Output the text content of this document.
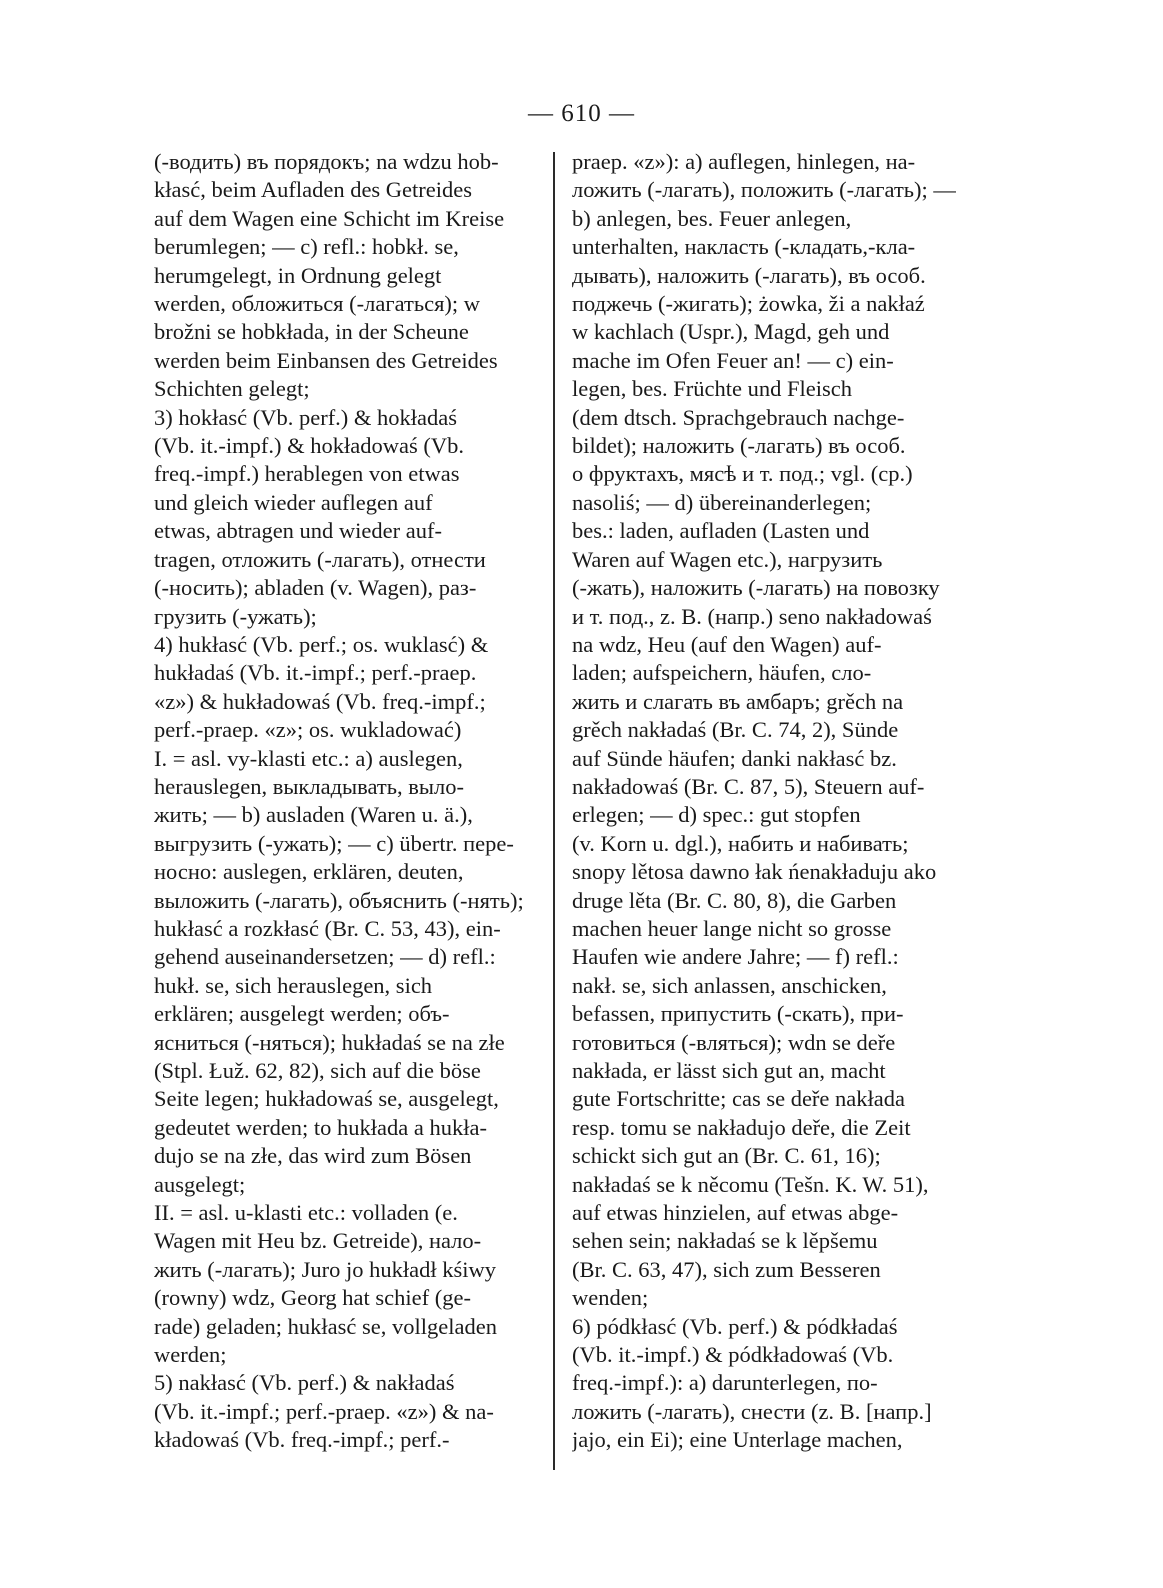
— 610 —
(-водить) въ порядокъ; na wdzu hob-
kłasć, beim Aufladen des Getreides
auf dem Wagen eine Schicht im Kreise
berumlegen; — c) refl.: hobkł. se,
herumgelegt, in Ordnung gelegt
werden, обложиться (-лагаться); w
brožni se hobkłada, in der Scheune
werden beim Einbansen des Getreides
Schichten gelegt;
3) hokłasć (Vb. perf.) & hokładaś
(Vb. it.-impf.) & hokładowaś (Vb.
freq.-impf.) herablegen von etwas
und gleich wieder auflegen auf
etwas, abtragen und wieder auf-
tragen, отложить (-лагать), отнести
(-носить); abladen (v. Wagen), раз-
грузить (-ужать);
4) hukłasć (Vb. perf.; os. wuklasć) &
hukładaś (Vb. it.-impf.; perf.-praep.
«z») & hukładowaś (Vb. freq.-impf.;
perf.-praep. «z»; os. wukladować)
I. = asl. vy-klasti etc.: a) auslegen,
herauslegen, выкладывать, выло-
жить; — b) ausladen (Waren u. ä.),
выгрузить (-ужать); — c) übertr. пере-
носно: auslegen, erklären, deuten,
выложить (-лагать), объяснить (-нять);
hukłasć a rozkłasć (Br. C. 53, 43), ein-
gehend auseinandersetzen; — d) refl.:
hukł. se, sich herauslegen, sich
erklären; ausgelegt werden; объ-
ясниться (-няться); hukładaś se na złe
(Stpl. Łuž. 62, 82), sich auf die böse
Seite legen; hukładowaś se, ausgelegt,
gedeutet werden; to hukłada a hukła-
dujo se na złe, das wird zum Bösen
ausgelegt;
II. = asl. u-klasti etc.: volladen (e.
Wagen mit Heu bz. Getreide), нало-
жить (-лагать); Juro jo hukładł kśiwy
(rowny) wdz, Georg hat schief (ge-
rade) geladen; hukłasć se, vollgeladen
werden;
5) nakłasć (Vb. perf.) & nakładaś
(Vb. it.-impf.; perf.-praep. «z») & na-
kładowaś (Vb. freq.-impf.; perf.-
praep. «z»): a) auflegen, hinlegen, на-
ложить (-лагать), положить (-лагать); —
b) anlegen, bes. Feuer anlegen,
unterhalten, накласть (-кладать,-кла-
дывать), наложить (-лагать), въ особ.
поджечь (-жигать); żowka, ži a nakłaź
w kachlach (Uspr.), Magd, geh und
mache im Ofen Feuer an! — c) ein-
legen, bes. Früchte und Fleisch
(dem dtsch. Sprachgebrauch nachge-
bildet); наложить (-лагать) въ особ.
о фруктахъ, мясѣ и т. под.; vgl. (cp.)
nasoliś; — d) übereinanderlegen;
bes.: laden, aufladen (Lasten und
Waren auf Wagen etc.), нагрузить
(-жать), наложить (-лагать) на повозку
и т. под., z. B. (напр.) seno nakładowaś
na wdz, Heu (auf den Wagen) auf-
laden; aufspeichern, häufen, сло-
жить и слагать въ амбаръ; grěch na
grěch nakładaś (Br. C. 74, 2), Sünde
auf Sünde häufen; danki nakłasć bz.
nakładowaś (Br. C. 87, 5), Steuern auf-
erlegen; — d) spec.: gut stopfen
(v. Korn u. dgl.), набить и набивать;
snopy lětosa dawno łak ńenakładuju ako
druge lěta (Br. C. 80, 8), die Garben
machen heuer lange nicht so grosse
Haufen wie andere Jahre; — f) refl.:
nakł. se, sich anlassen, anschicken,
befassen, припустить (-скать), при-
готовиться (-вляться); wdn se deře
nakłada, er lässt sich gut an, macht
gute Fortschritte; cas se deře nakłada
resp. tomu se nakładujo deře, die Zeit
schickt sich gut an (Br. C. 61, 16);
nakładaś se k něcomu (Tešn. K. W. 51),
auf etwas hinzielen, auf etwas abge-
sehen sein; nakładaś se k lěpšemu
(Br. C. 63, 47), sich zum Besseren
wenden;
6) pódkłasć (Vb. perf.) & pódkładaś
(Vb. it.-impf.) & pódkładowaś (Vb.
freq.-impf.): a) darunterlegen, по-
ложить (-лагать), снести (z. B. [напр.]
jajo, ein Ei); eine Unterlage machen,
